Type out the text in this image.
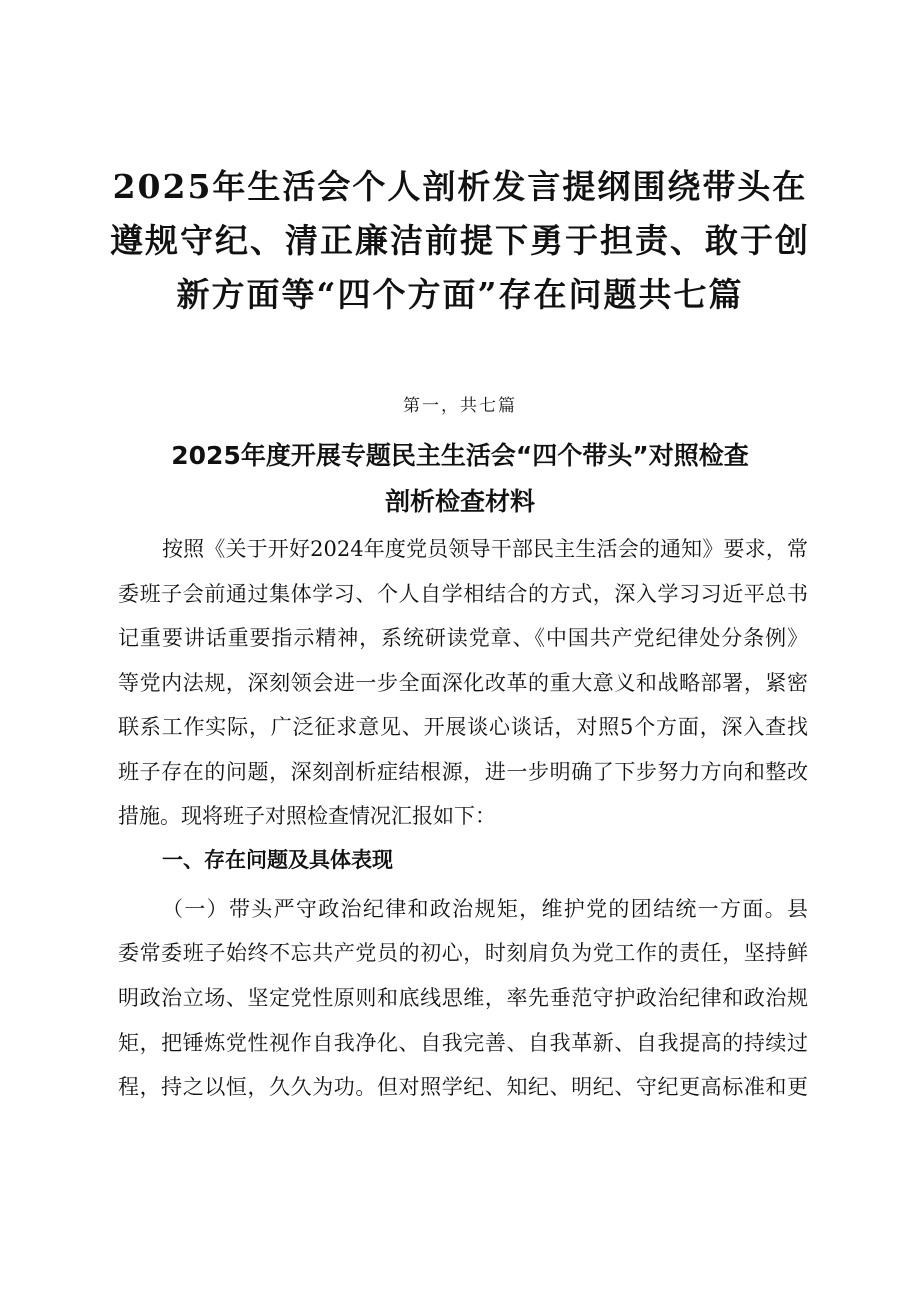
2025年生活会个人剖析发言提纲围绕带头在
遵规守纪、清正廉洁前提下勇于担责、敢于创
新方面等“四个方面”存在问题共七篇

第一，共七篇

2025年度开展专题民主生活会“四个带头”对照检查
剖析检查材料

按照《关于开好2024年度党员领导干部民主生活会的通知》要求，常

委班子会前通过集体学习、个人自学相结合的方式，深入学习习近平总书

记重要讲话重要指示精神，系统研读党章、《中国共产党纪律处分条例》

等党内法规，深刻领会进一步全面深化改革的重大意义和战略部署，紧密

联系工作实际，广泛征求意见、开展谈心谈话，对照5个方面，深入查找

班子存在的问题，深刻剖析症结根源，进一步明确了下步努力方向和整改

措施。现将班子对照检查情况汇报如下：

一、存在问题及具体表现

（一）带头严守政治纪律和政治规矩，维护党的团结统一方面。县

委常委班子始终不忘共产党员的初心，时刻肩负为党工作的责任，坚持鲜

明政治立场、坚定党性原则和底线思维，率先垂范守护政治纪律和政治规

矩，把锤炼党性视作自我净化、自我完善、自我革新、自我提高的持续过

程，持之以恒，久久为功。但对照学纪、知纪、明纪、守纪更高标准和更
